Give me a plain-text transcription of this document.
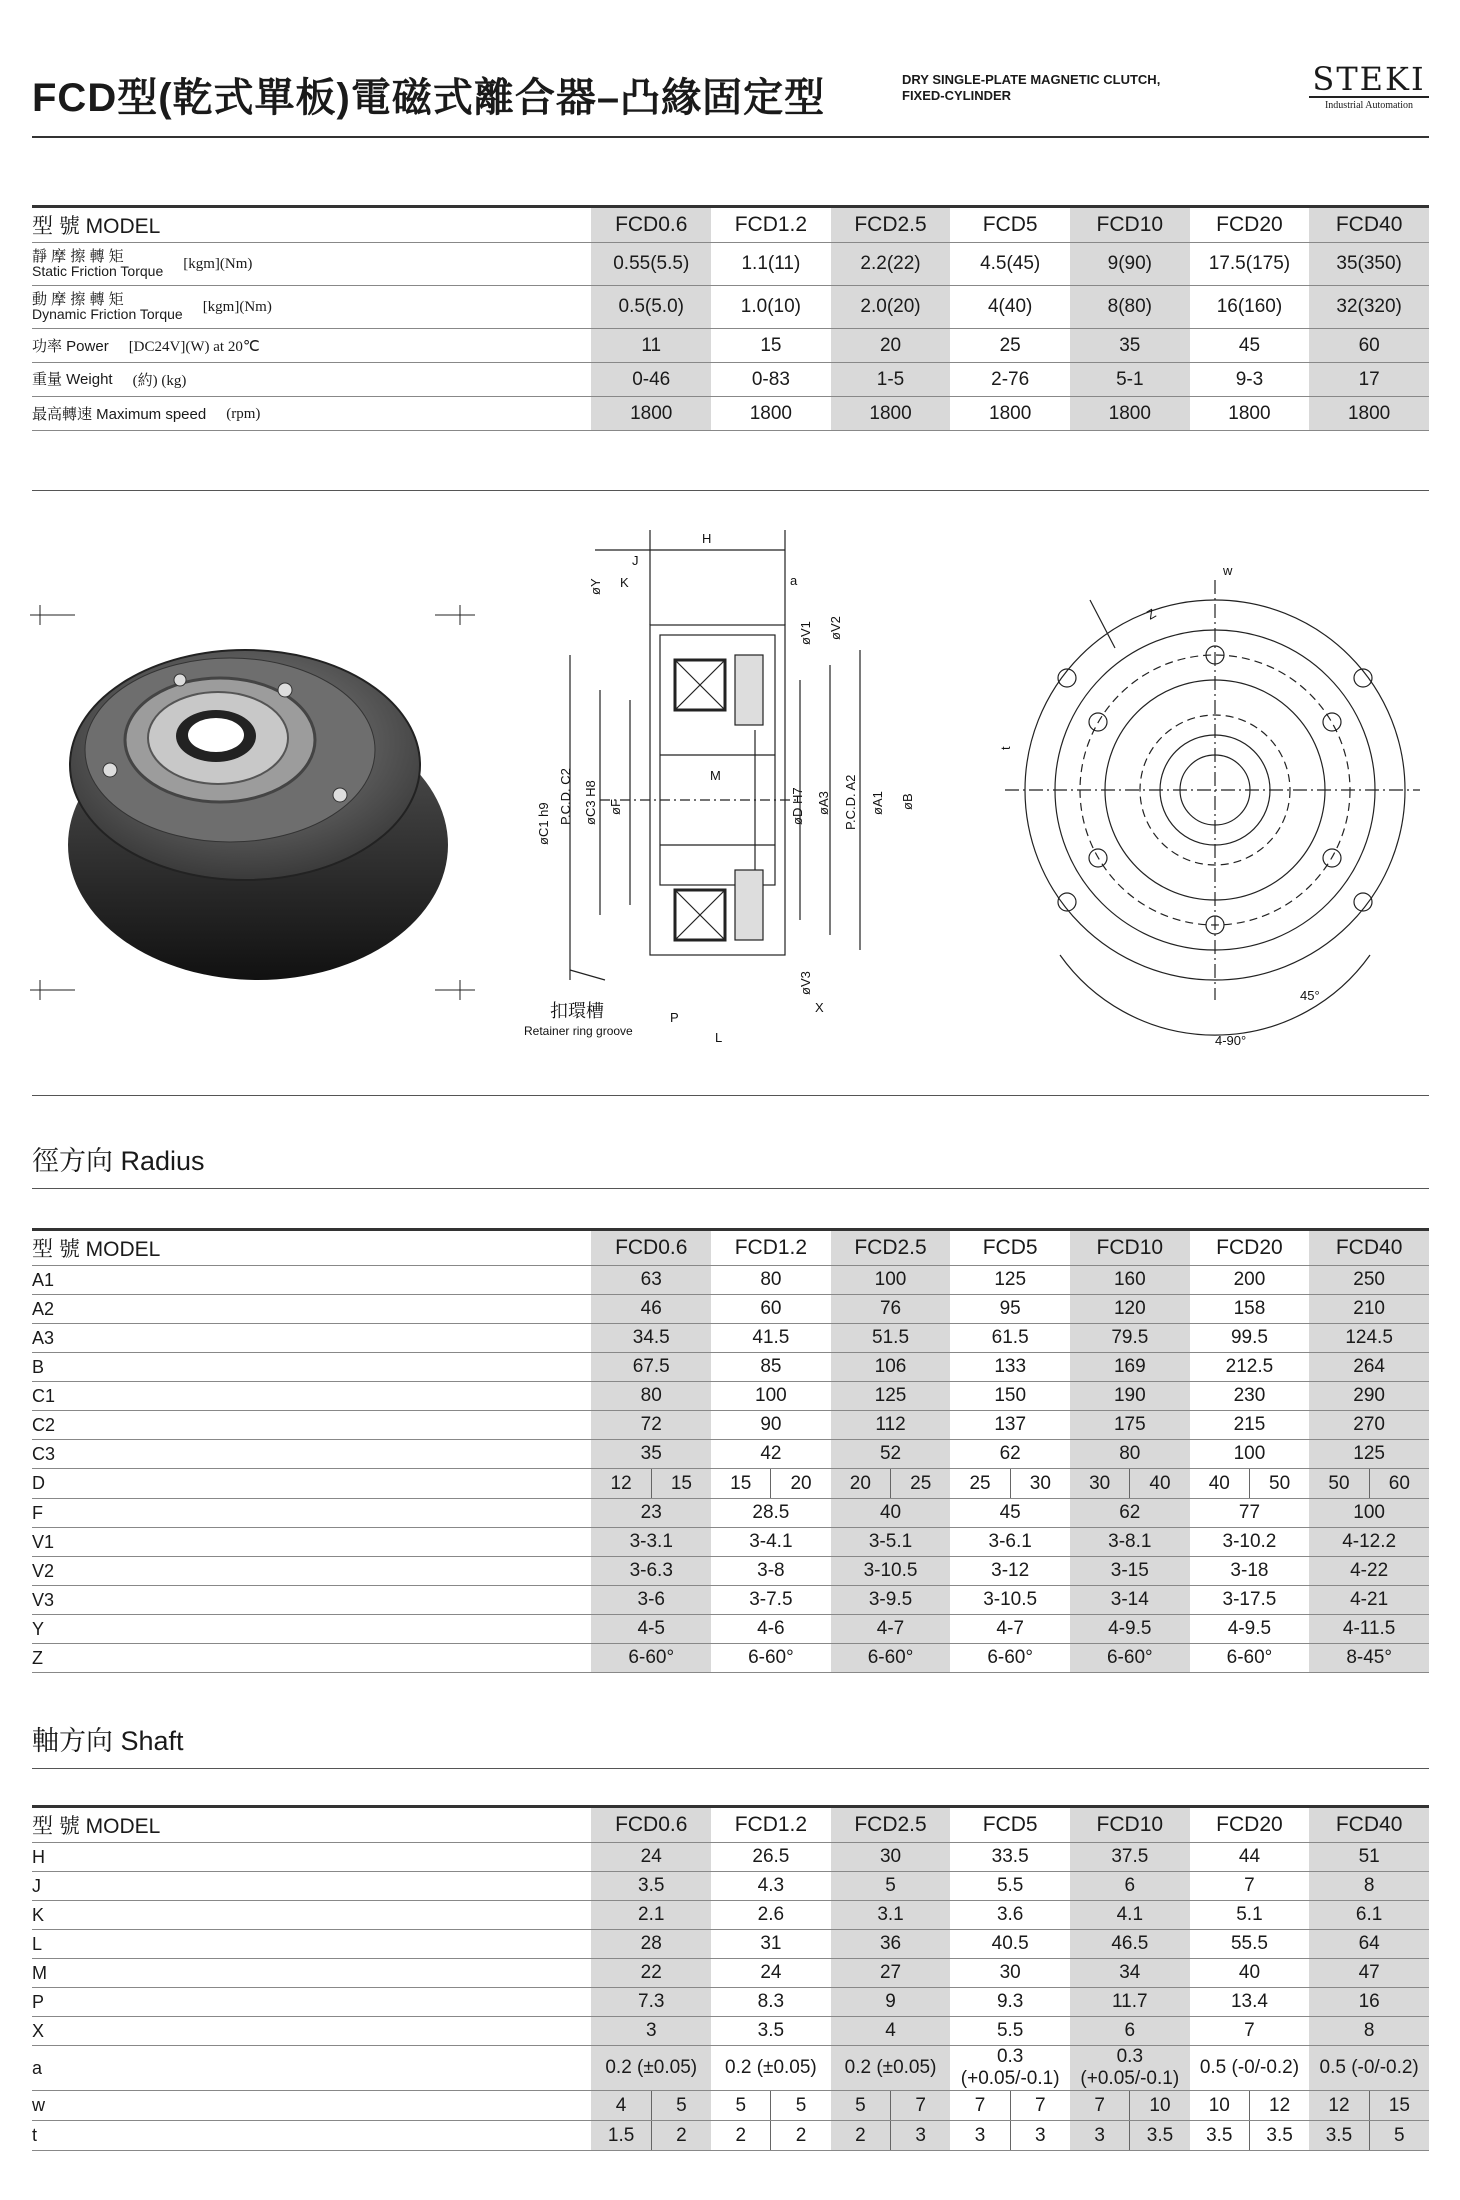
FCD型(乾式單板)電磁式離合器–凸緣固定型	DRY SINGLE-PLATE MAGNETIC CLUTCH,
FIXED-CYLINDER	STEKI
Industrial Automation
型 號 MODEL	FCD0.6	FCD1.2	FCD2.5	FCD5	FCD10	FCD20	FCD40

靜 摩 擦 轉 矩
Static Friction Torque [kgm](Nm)	0.55(5.5)	1.1(11)	2.2(22)	4.5(45)	9(90)	17.5(175)	35(350)

動 摩 擦 轉 矩
Dynamic Friction Torque [kgm](Nm)	0.5(5.0)	1.0(10)	2.0(20)	4(40)	8(80)	16(160)	32(320)

功率 Power [DC24V](W) at 20℃	11	15	20	25	35	45	60

重量 Weight (約) (kg)	0-46	0-83	1-5	2-76	5-1	9-3	17

最高轉速 Maximum speed (rpm)	1800	1800	1800	1800	1800	1800	1800
H
J
K	a
øY
øV1 øV2
øC1 h9 P.C.D. C2 øC3 H8 øF
M
øD H7 øA3 P.C.D. A2 øA1 øB
øV3
X
P
L
扣環槽
Retainer ring groove
Z
w
t
45°
4-90°
徑方向 Radius
型 號 MODEL	FCD0.6	FCD1.2	FCD2.5	FCD5	FCD10	FCD20	FCD40
A1	63	80	100	125	160	200	250
A2	46	60	76	95	120	158	210
A3	34.5	41.5	51.5	61.5	79.5	99.5	124.5
B	67.5	85	106	133	169	212.5	264
C1	80	100	125	150	190	230	290
C2	72	90	112	137	175	215	270
C3	35	42	52	62	80	100	125
D	12 15	15 20	20 25	25 30	30 40	40 50	50 60

F	23	28.5	40	45	62	77	100
V1	3-3.1	3-4.1	3-5.1	3-6.1	3-8.1	3-10.2	4-12.2
V2	3-6.3	3-8	3-10.5	3-12	3-15	3-18	4-22
V3	3-6	3-7.5	3-9.5	3-10.5	3-14	3-17.5	4-21
Y	4-5	4-6	4-7	4-7	4-9.5	4-9.5	4-11.5
Z	6-60°	6-60°	6-60°	6-60°	6-60°	6-60°	8-45°
軸方向 Shaft
型 號 MODEL	FCD0.6	FCD1.2	FCD2.5	FCD5	FCD10	FCD20	FCD40
H	24	26.5	30	33.5	37.5	44	51
J	3.5	4.3	5	5.5	6	7	8
K	2.1	2.6	3.1	3.6	4.1	5.1	6.1
L	28	31	36	40.5	46.5	55.5	64
M	22	24	27	30	34	40	47
P	7.3	8.3	9	9.3	11.7	13.4	16
X	3	3.5	4	5.5	6	7	8
a	0.2 (±0.05)	0.2 (±0.05)	0.2 (±0.05)	0.3 (+0.05/-0.1)	0.3 (+0.05/-0.1)	0.5 (-0/-0.2)	0.5 (-0/-0.2)
w	4 5	5 5	5 7	7 7	7 10	10 12	12 15

t	1.5 2	2 2	2 3	3 3	3 3.5	3.5 3.5	3.5 5
